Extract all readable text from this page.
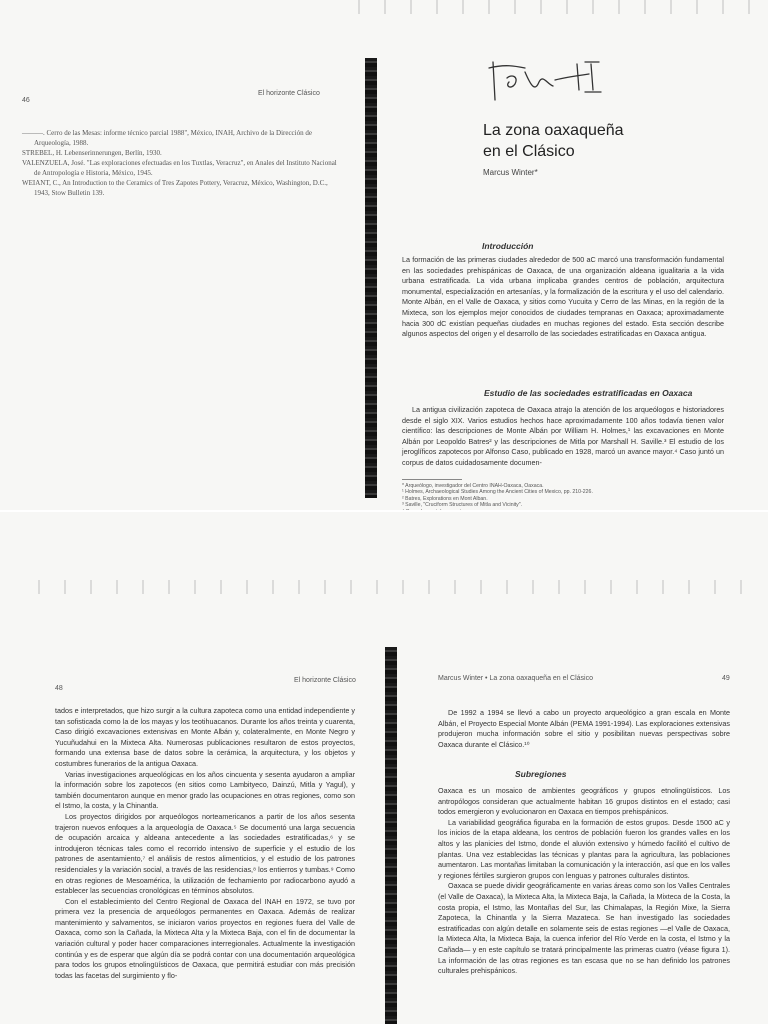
46
El horizonte Clásico

———. Cerro de las Mesas: informe técnico parcial 1988", México, INAH, Archivo de la Dirección de Arqueología, 1988.

STREBEL, H. Lebenserinnerungen, Berlín, 1930.

VALENZUELA, José. "Las exploraciones efectuadas en los Tuxtlas, Veracruz", en Anales del Instituto Nacional de Antropología e Historia, México, 1945.

WEIANT, C., An Introduction to the Ceramics of Tres Zapotes Pottery, Veracruz, México, Washington, D.C., 1943, Stow Bulletin 139.

La zona oaxaqueña
en el Clásico
Marcus Winter*
Introducción

La formación de las primeras ciudades alrededor de 500 aC marcó una transformación fundamental en las sociedades prehispánicas de Oaxaca, de una organización aldeana igualitaria a la vida urbana estratificada. La vida urbana implicaba grandes centros de población, arquitectura monumental, especialización en artesanías, y la formalización de la escritura y el uso del calendario. Monte Albán, en el Valle de Oaxaca, y sitios como Yucuita y Cerro de las Minas, en la región de la Mixteca, son los ejemplos mejor conocidos de ciudades tempranas en Oaxaca; aproximadamente hacia 300 dC existían pequeñas ciudades en muchas regiones del estado. Esta sección describe algunos aspectos del origen y el desarrollo de las sociedades estratificadas en Oaxaca antigua.

Estudio de las sociedades estratificadas en Oaxaca

La antigua civilización zapoteca de Oaxaca atrajo la atención de los arqueólogos e historiadores desde el siglo XIX. Varios estudios hechos hace aproximadamente 100 años todavía tienen valor científico: las descripciones de Monte Albán por William H. Holmes,¹ las excavaciones en Monte Albán por Leopoldo Batres² y las descripciones de Mitla por Marshall H. Saville.³ El estudio de los jeroglíficos zapotecos por Alfonso Caso, publicado en 1928, marcó un avance mayor.⁴ Caso juntó un corpus de datos cuidadosamente documen-

* Arqueólogo, investigador del Centro INAH-Oaxaca, Oaxaca.

¹ Holmes, Archaeological Studies Among the Ancient Cities of Mexico, pp. 210-226.

² Batres, Explorations en Mont Alban.

³ Saville, "Cruciform Structures of Mitla and Vicinity".

48
El horizonte Clásico

tados e interpretados, que hizo surgir a la cultura zapoteca como una entidad independiente y tan sofisticada como la de los mayas y los teotihuacanos. Durante los años treinta y cuarenta, Caso dirigió excavaciones extensivas en Monte Albán y, colateralmente, en Monte Negro y Yucuñudahui en la Mixteca Alta. Numerosas publicaciones resultaron de estos proyectos, formando una extensa base de datos sobre la cerámica, la arquitectura, y los objetos y costumbres funerarios de la antigua Oaxaca.

Varias investigaciones arqueológicas en los años cincuenta y sesenta ayudaron a ampliar la información sobre los zapotecos (en sitios como Lambityeco, Dainzú, Mitla y Yagul), y también documentaron aunque en menor grado las ocupaciones en otras regiones, como son el Istmo, la costa, y la Chinantla.

Los proyectos dirigidos por arqueólogos norteamericanos a partir de los años sesenta trajeron nuevos enfoques a la arqueología de Oaxaca.⁵ Se documentó una larga secuencia de ocupación arcaica y aldeana antecedente a las sociedades estratificadas,⁶ y se introdujeron técnicas tales como el recorrido intensivo de superficie y el estudio de los patrones de asentamiento,⁷ el análisis de restos alimenticios, y el estudio de los patrones residenciales y la variación social, a través de las residencias,⁸ los entierros y tumbas.⁹ Como en otras regiones de Mesoamérica, la utilización de fechamiento por radiocarbono ayudó a establecer las secuencias cronológicas en términos absolutos.

Con el establecimiento del Centro Regional de Oaxaca del INAH en 1972, se tuvo por primera vez la presencia de arqueólogos permanentes en Oaxaca. Además de realizar mantenimiento y salvamentos, se iniciaron varios proyectos en regiones fuera del Valle de Oaxaca, como son la Cañada, la Mixteca Alta y la Mixteca Baja, con el fin de documentar la variación cultural y poder hacer comparaciones interregionales. Actualmente la investigación continúa y es de esperar que algún día se podrá contar con una documentación arqueológica para todos los grupos etnolingüísticos de Oaxaca, que permitirá estudiar con más precisión todas las facetas del surgimiento y flo-

Marcus Winter • La zona oaxaqueña en el Clásico	49

De 1992 a 1994 se llevó a cabo un proyecto arqueológico a gran escala en Monte Albán, el Proyecto Especial Monte Albán (PEMA 1991-1994). Las exploraciones extensivas produjeron mucha información sobre el sitio y posibilitan nuevas perspectivas sobre Oaxaca durante el Clásico.¹⁰

Subregiones

Oaxaca es un mosaico de ambientes geográficos y grupos etnolingüísticos. Los antropólogos consideran que actualmente habitan 16 grupos distintos en el estado; casi todos emergieron y evolucionaron en Oaxaca en tiempos prehispánicos.

La variabilidad geográfica figuraba en la formación de estos grupos. Desde 1500 aC y los inicios de la etapa aldeana, los centros de población fueron los grandes valles en los altos y las planicies del Istmo, donde el aluvión extensivo y húmedo facilitó el cultivo de plantas. Una vez establecidas las técnicas y plantas para la agricultura, las poblaciones aumentaron. Las montañas limitaban la comunicación y la interacción, así que en los valles y regiones fértiles surgieron grupos con lenguas y patrones culturales distintos.

Oaxaca se puede dividir geográficamente en varias áreas como son los Valles Centrales (el Valle de Oaxaca), la Mixteca Alta, la Mixteca Baja, la Cañada, la Mixteca de la Costa, la costa propia, el Istmo, las Montañas del Sur, las Chimalapas, la Región Mixe, la Sierra Zapoteca, la Chinantla y la Sierra Mazateca. Se han investigado las sociedades estratificadas con algún detalle en solamente seis de estas regiones —el Valle de Oaxaca, la Mixteca Alta, la Mixteca Baja, la cuenca inferior del Río Verde en la costa, el Istmo y la Cañada— y en este capítulo se tratará principalmente las primeras cuatro (véase figura 1). La información de las otras regiones es tan escasa que no se han definido los patrones culturales prehispánicos.
